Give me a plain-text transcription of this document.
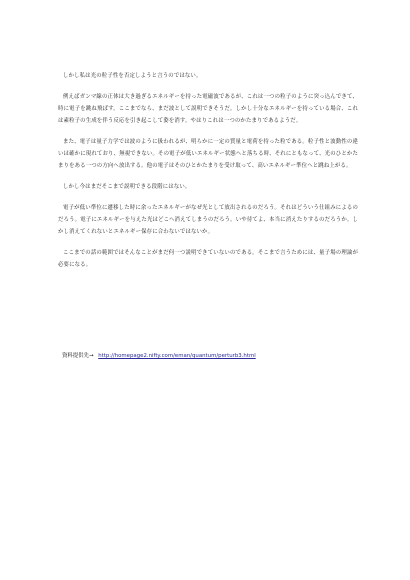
しかし私は光の粒子性を否定しようと言うのではない。

例えばガンマ線の正体は大き過ぎるエネルギーを持った電磁波であるが、これは一つの粒子のように突っ込んできて、時に電子を跳ね飛ばす。ここまでなら、まだ波として説明できそうだ。しかし十分なエネルギーを持っている場合、これは素粒子の生成を伴う反応を引き起こして姿を消す。やはりこれは一つのかたまりであるようだ。

また、電子は量子力学では波のように扱われるが、明らかに一定の質量と電荷を持った粒である。粒子性と波動性の違いは確かに現れており、無視できない。その電子が低いエネルギー状態へと落ちる時、それにともなって、光のひとかたまりをある一つの方向へ放出する。他の電子はそのひとかたまりを受け取って、高いエネルギー準位へと跳ね上がる。

しかし今はまだそこまで説明できる段階にはない。

電子が低い準位に遷移した時に余ったエネルギーがなぜ光として放出されるのだろう。それはどういう仕組みによるのだろう。電子にエネルギーを与えた光はどこへ消えてしまうのだろう。いや待てよ、本当に消えたりするのだろうか。しかし消えてくれないとエネルギー保存に合わないではないか。

ここまでの話の範囲ではそんなことがまだ何一つ説明できていないのである。そこまで言うためには、量子場の理論が必要になる。

資料提供先→ http://homepage2.nifty.com/eman/quantum/perturb3.html
